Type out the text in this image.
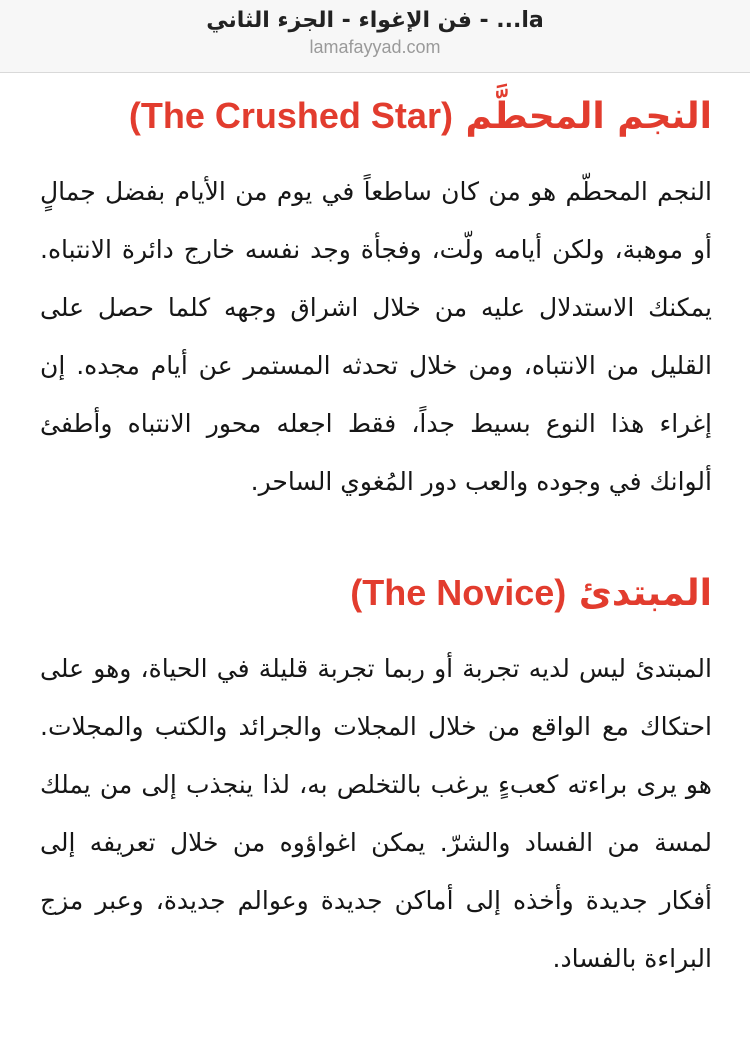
فن الإغواء - الجزء الثاني - ...la
lamafayyad.com
النجم المحطَّم (The Crushed Star)

النجم المحطّم هو من كان ساطعاً في يوم من الأيام بفضل جمالٍ أو موهبة، ولكن أيامه ولّت، وفجأة وجد نفسه خارج دائرة الانتباه. يمكنك الاستدلال عليه من خلال اشراق وجهه كلما حصل على القليل من الانتباه، ومن خلال تحدثه المستمر عن أيام مجده. إن إغراء هذا النوع بسيط جداً، فقط اجعله محور الانتباه وأطفئ ألوانك في وجوده والعب دور المُغوي الساحر.

المبتدئ (The Novice)

المبتدئ ليس لديه تجربة أو ربما تجربة قليلة في الحياة، وهو على احتكاك مع الواقع من خلال المجلات والجرائد والكتب والمجلات. هو يرى براءته كعبءٍ يرغب بالتخلص به، لذا ينجذب إلى من يملك لمسة من الفساد والشرّ. يمكن اغواؤوه من خلال تعريفه إلى أفكار جديدة وأخذه إلى أماكن جديدة وعوالم جديدة، وعبر مزج البراءة بالفساد.
